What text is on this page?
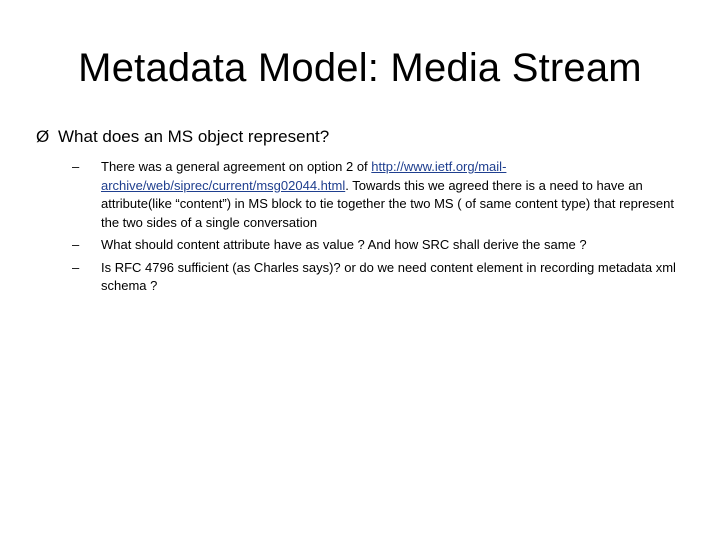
Metadata Model: Media Stream
Ø What does an MS object represent?
–	There was a general agreement on option 2 of http://www.ietf.org/mail-archive/web/siprec/current/msg02044.html. Towards this we agreed there is a need to have an attribute(like “content”) in MS block to tie together the two MS ( of same content type) that represent the two sides of a single conversation
–	What should content attribute have as value ? And how SRC shall derive the same ?
–	Is RFC 4796 sufficient (as Charles says)? or do we need content element in recording metadata xml schema ?
